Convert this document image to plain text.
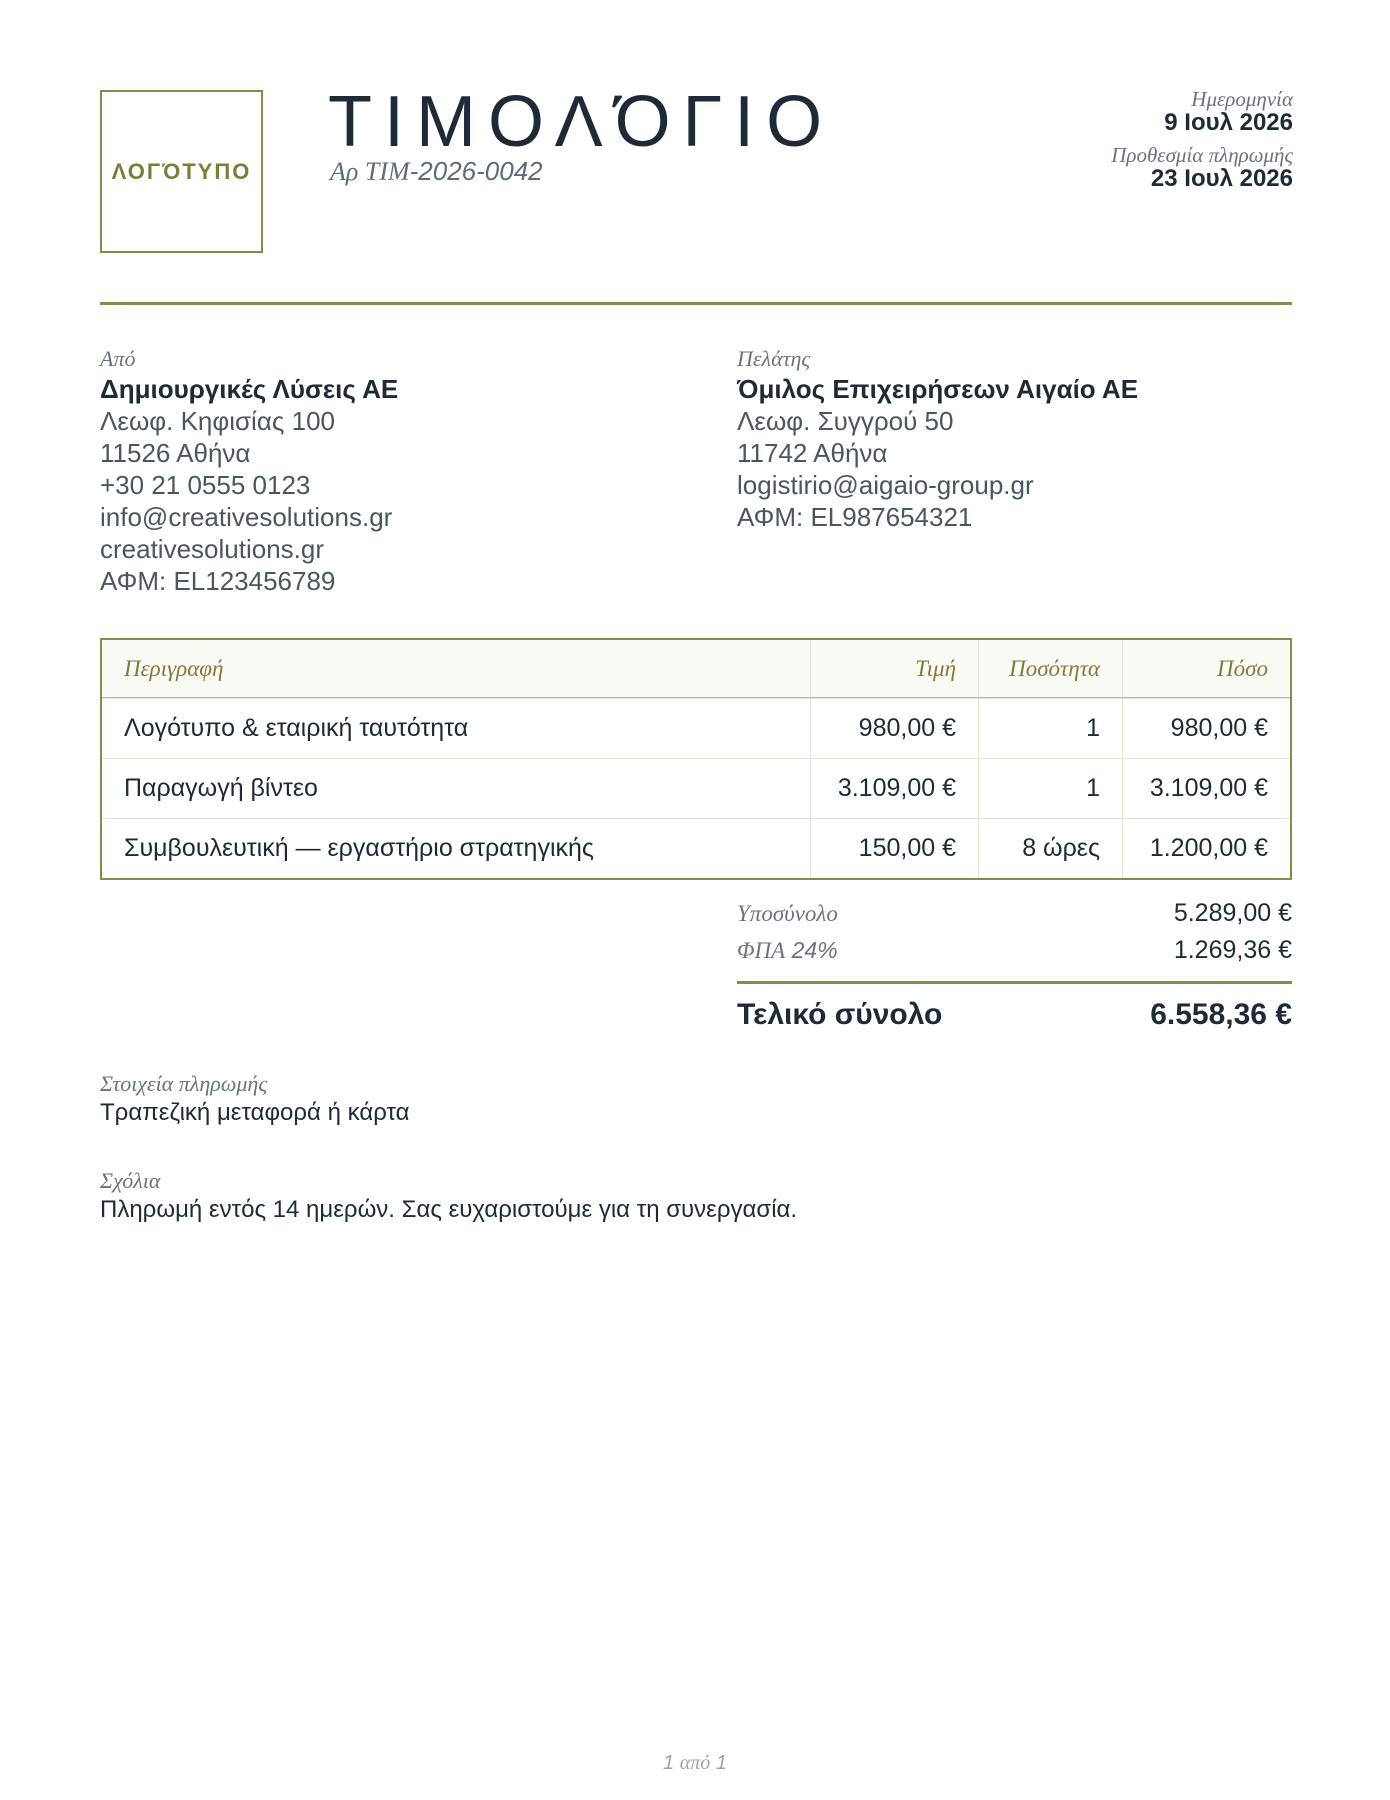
ΛΟΓΌΤΥΠΟ
ΤΙΜΟΛΌΓΙΟ
Αρ ΤΙΜ-2026-0042
Ημερομηνία
9 Ιουλ 2026
Προθεσμία πληρωμής
23 Ιουλ 2026
Από
Δημιουργικές Λύσεις ΑΕ
Λεωφ. Κηφισίας 100
11526 Αθήνα
+30 21 0555 0123
info@creativesolutions.gr
creativesolutions.gr
ΑΦΜ: EL123456789
Πελάτης
Όμιλος Επιχειρήσεων Αιγαίο ΑΕ
Λεωφ. Συγγρού 50
11742 Αθήνα
logistirio@aigaio-group.gr
ΑΦΜ: EL987654321
Περιγραφή	Τιμή	Ποσότητα	Πόσο
Λογότυπο & εταιρική ταυτότητα	980,00 €	1	980,00 €
Παραγωγή βίντεο	3.109,00 €	1	3.109,00 €
Συμβουλευτική — εργαστήριο στρατηγικής	150,00 €	8 ώρες	1.200,00 €
Υποσύνολο	5.289,00 €
ΦΠΑ 24%	1.269,36 €
Τελικό σύνολο	6.558,36 €
Στοιχεία πληρωμής
Τραπεζική μεταφορά ή κάρτα
Σχόλια
Πληρωμή εντός 14 ημερών. Σας ευχαριστούμε για τη συνεργασία.
1 από 1
